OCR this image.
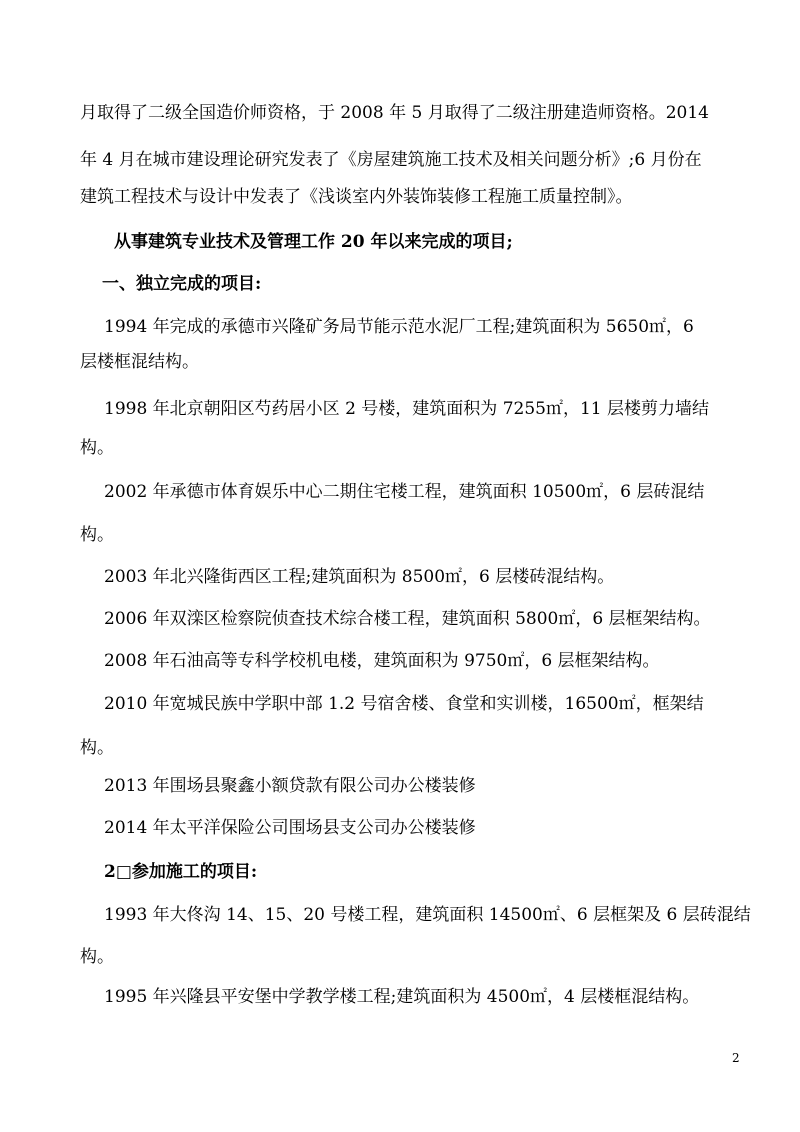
月取得了二级全国造价师资格，于 2008 年 5 月取得了二级注册建造师资格。2014
年 4 月在城市建设理论研究发表了《房屋建筑施工技术及相关问题分析》;6 月份在
建筑工程技术与设计中发表了《浅谈室内外装饰装修工程施工质量控制》。
从事建筑专业技术及管理工作 20 年以来完成的项目;
一、独立完成的项目:
1994 年完成的承德市兴隆矿务局节能示范水泥厂工程;建筑面积为 5650㎡，6
层楼框混结构。
1998 年北京朝阳区芍药居小区 2 号楼，建筑面积为 7255㎡，11 层楼剪力墙结
构。
2002 年承德市体育娱乐中心二期住宅楼工程，建筑面积 10500㎡，6 层砖混结
构。
2003 年北兴隆街西区工程;建筑面积为 8500㎡，6 层楼砖混结构。
2006 年双滦区检察院侦查技术综合楼工程，建筑面积 5800㎡，6 层框架结构。
2008 年石油高等专科学校机电楼，建筑面积为 9750㎡，6 层框架结构。
2010 年宽城民族中学职中部 1.2 号宿舍楼、食堂和实训楼，16500㎡，框架结
构。
2013 年围场县聚鑫小额贷款有限公司办公楼装修
2014 年太平洋保险公司围场县支公司办公楼装修
2□参加施工的项目:
1993 年大佟沟 14、15、20 号楼工程，建筑面积 14500㎡、6 层框架及 6 层砖混结
构。
1995 年兴隆县平安堡中学教学楼工程;建筑面积为 4500㎡，4 层楼框混结构。
2
